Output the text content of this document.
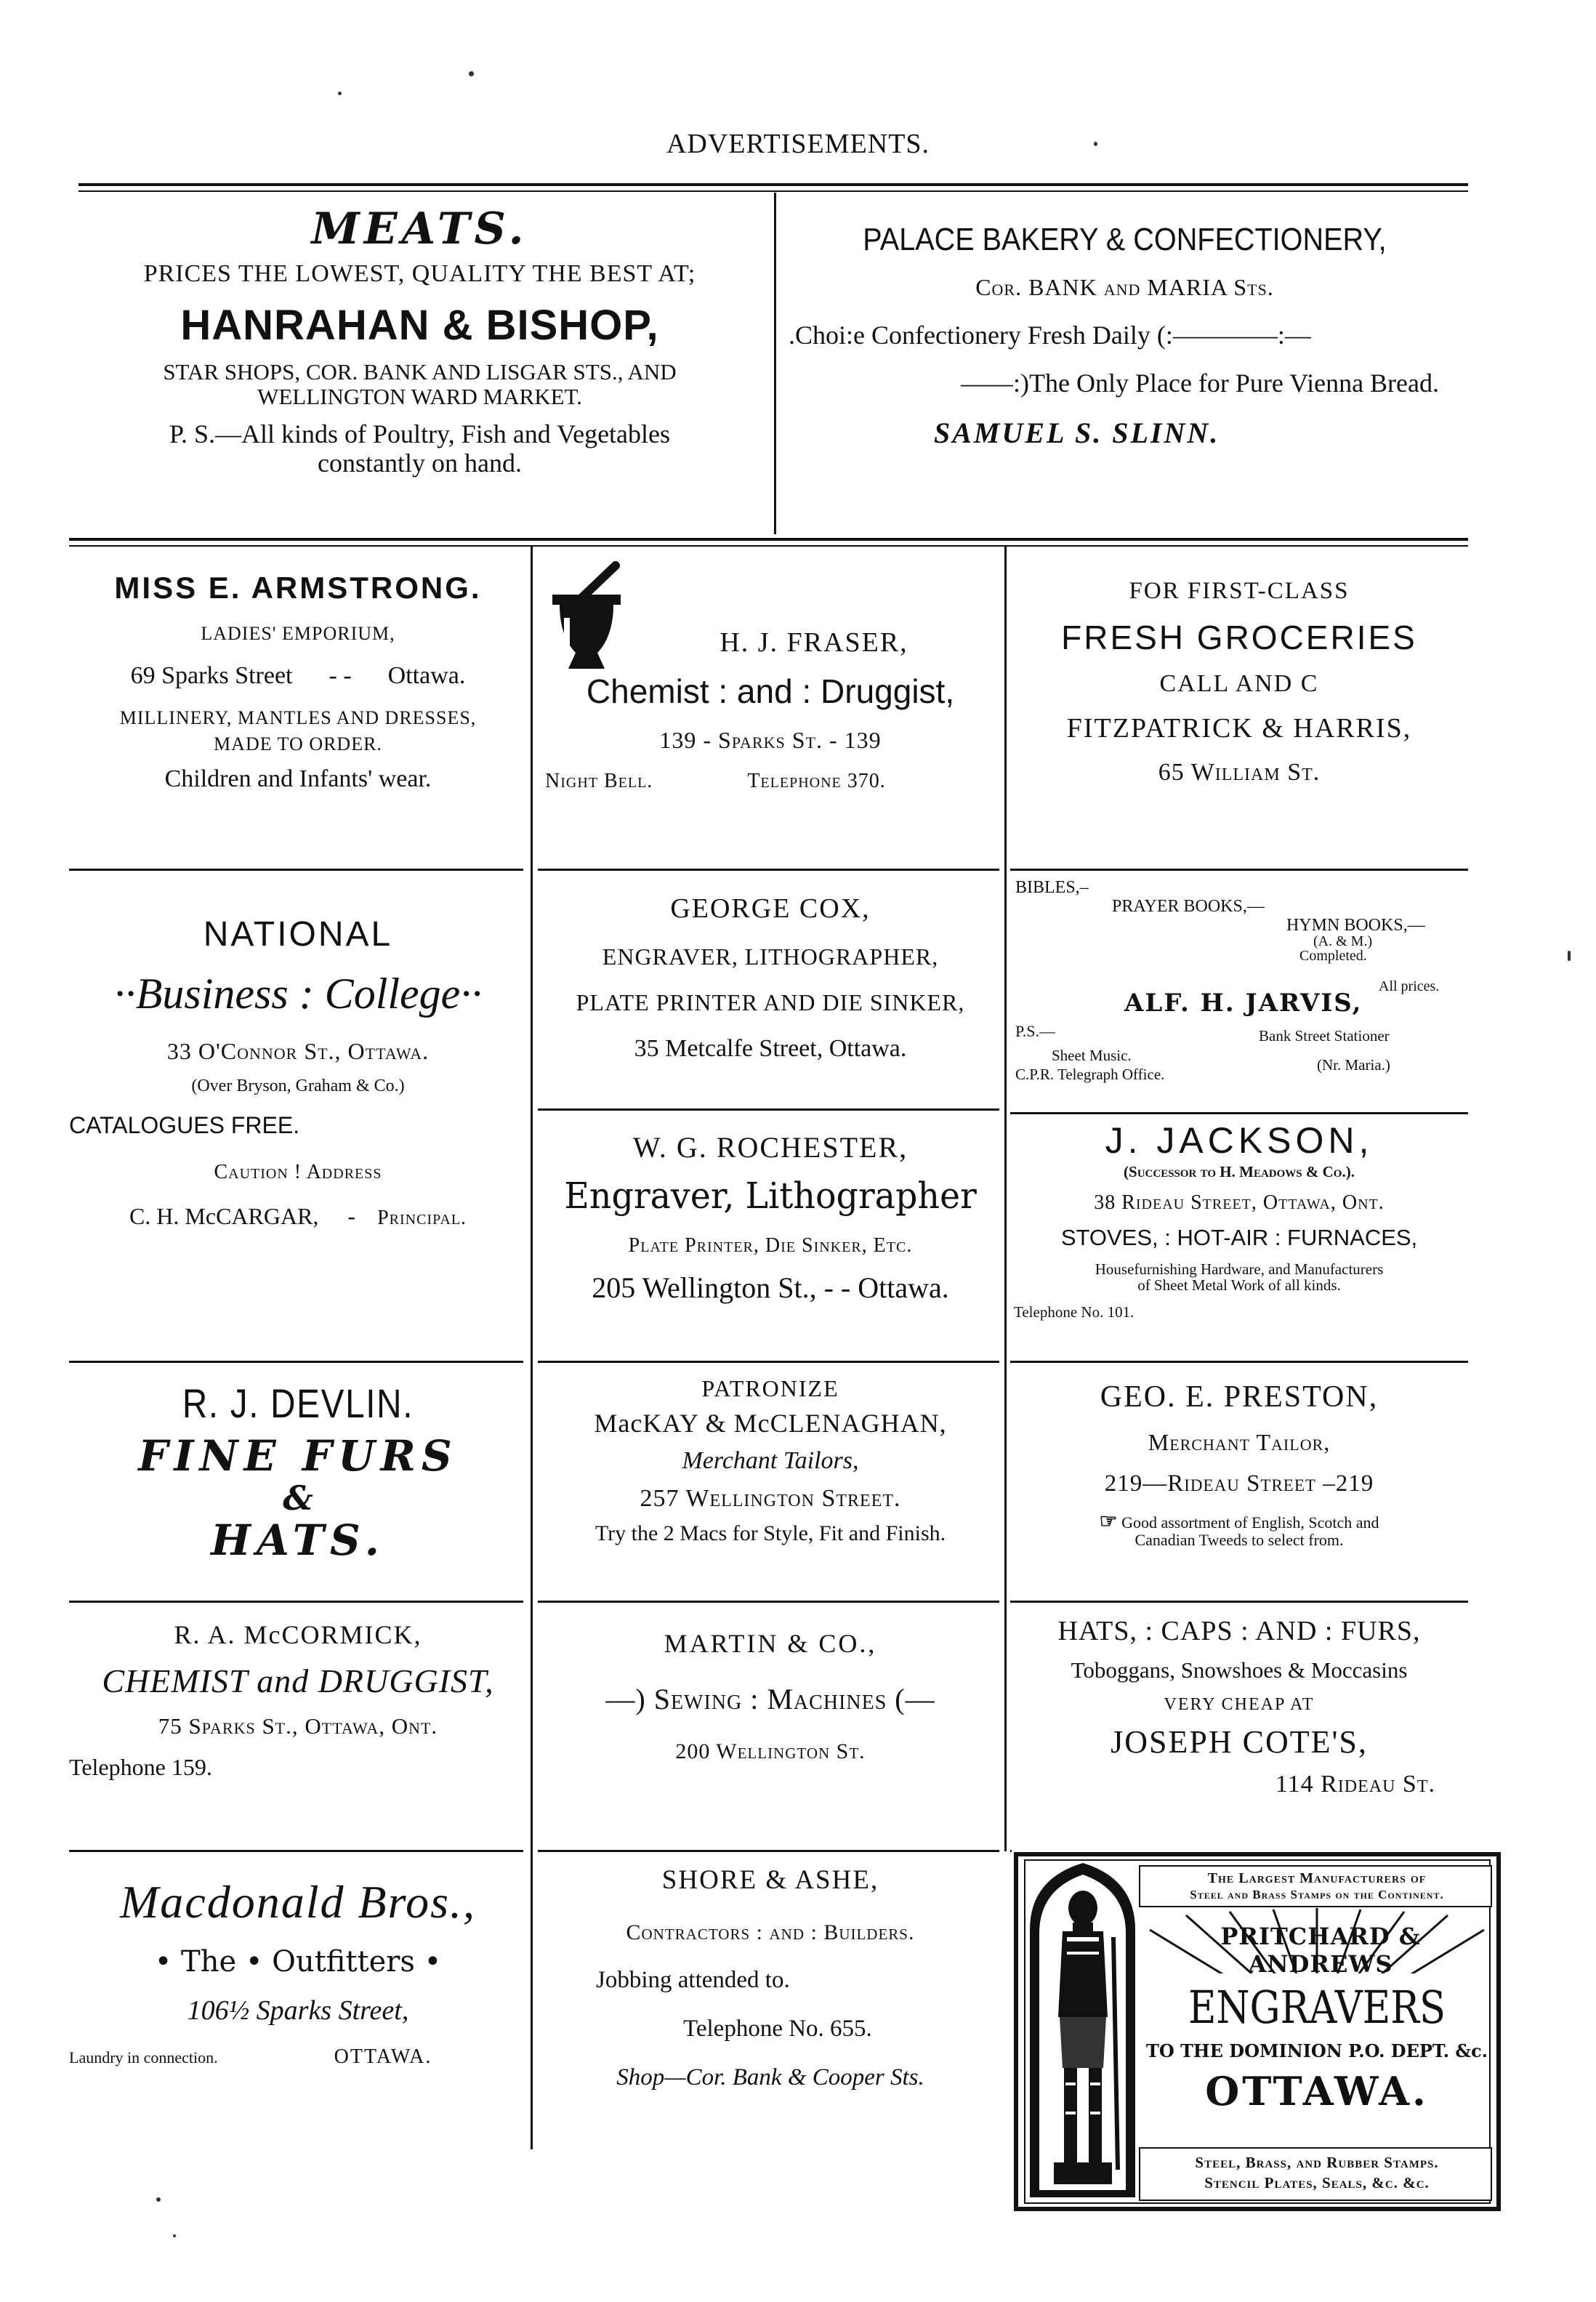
ADVERTISEMENTS.
MEATS.
PRICES THE LOWEST, QUALITY THE BEST AT;
HANRAHAN & BISHOP,
STAR SHOPS, COR. BANK AND LISGAR STS., AND
WELLINGTON WARD MARKET.
P. S.—All kinds of Poultry, Fish and Vegetables
constantly on hand.
PALACE BAKERY & CONFECTIONERY,
Cor. BANK and MARIA Sts.
.Choi:e Confectionery Fresh Daily (:————:—
——:)The Only Place for Pure Vienna Bread.
SAMUEL S. SLINN.
MISS E. ARMSTRONG.
LADIES' EMPORIUM,
69 Sparks Street - - Ottawa.
MILLINERY, MANTLES AND DRESSES,
MADE TO ORDER.
Children and Infants' wear.
H. J. FRASER,
Chemist : and : Druggist,
139 - Sparks St. - 139
Night Bell.	Telephone 370.
FOR FIRST-CLASS
FRESH GROCERIES
CALL AND C
FITZPATRICK & HARRIS,
65 William St.
NATIONAL
··Business : College··
33 O'Connor St., Ottawa.
(Over Bryson, Graham & Co.)
CATALOGUES FREE.
Caution ! Address
C. H. McCARGAR, - Principal.
GEORGE COX,
ENGRAVER, LITHOGRAPHER,
PLATE PRINTER AND DIE SINKER,
35 Metcalfe Street, Ottawa.
BIBLES,–
PRAYER BOOKS,—
HYMN BOOKS,—
(A. & M.)
Completed.
All prices.
ALF. H. JARVIS,
P.S.—	Bank Street Stationer
Sheet Music.
(Nr. Maria.)
C.P.R. Telegraph Office.
W. G. ROCHESTER,
Engraver, Lithographer
Plate Printer, Die Sinker, Etc.
205 Wellington St., - - Ottawa.
J. JACKSON,
(Successor to H. Meadows & Co.).
38 Rideau Street, Ottawa, Ont.
STOVES, : HOT-AIR : FURNACES,
Housefurnishing Hardware, and Manufacturers
of Sheet Metal Work of all kinds.
Telephone No. 101.
R. J. DEVLIN.
FINE FURS
&
HATS.
PATRONIZE
MacKAY & McCLENAGHAN,
Merchant Tailors,
257 Wellington Street.
Try the 2 Macs for Style, Fit and Finish.
GEO. E. PRESTON,
Merchant Tailor,
219—Rideau Street –219
☞ Good assortment of English, Scotch and
Canadian Tweeds to select from.
R. A. McCORMICK,
CHEMIST and DRUGGIST,
75 Sparks St., Ottawa, Ont.
Telephone 159.
MARTIN & CO.,
—) Sewing : Machines (—
200 Wellington St.
HATS, : CAPS : AND : FURS,
Toboggans, Snowshoes & Moccasins
VERY CHEAP AT
JOSEPH COTE'S,
114 Rideau St.
Macdonald Bros.,
• The • Outfitters •
106½ Sparks Street,
Laundry in connection.	OTTAWA.
SHORE & ASHE,
Contractors : and : Builders.
Jobbing attended to.
Telephone No. 655.
Shop—Cor. Bank & Cooper Sts.
The Largest Manufacturers of
Steel and Brass Stamps on the Continent.
PRITCHARD & ANDREWS
ENGRAVERS
TO THE DOMINION P.O. DEPT. &c.
OTTAWA.
Steel, Brass, and Rubber Stamps.
Stencil Plates, Seals, &c. &c.
